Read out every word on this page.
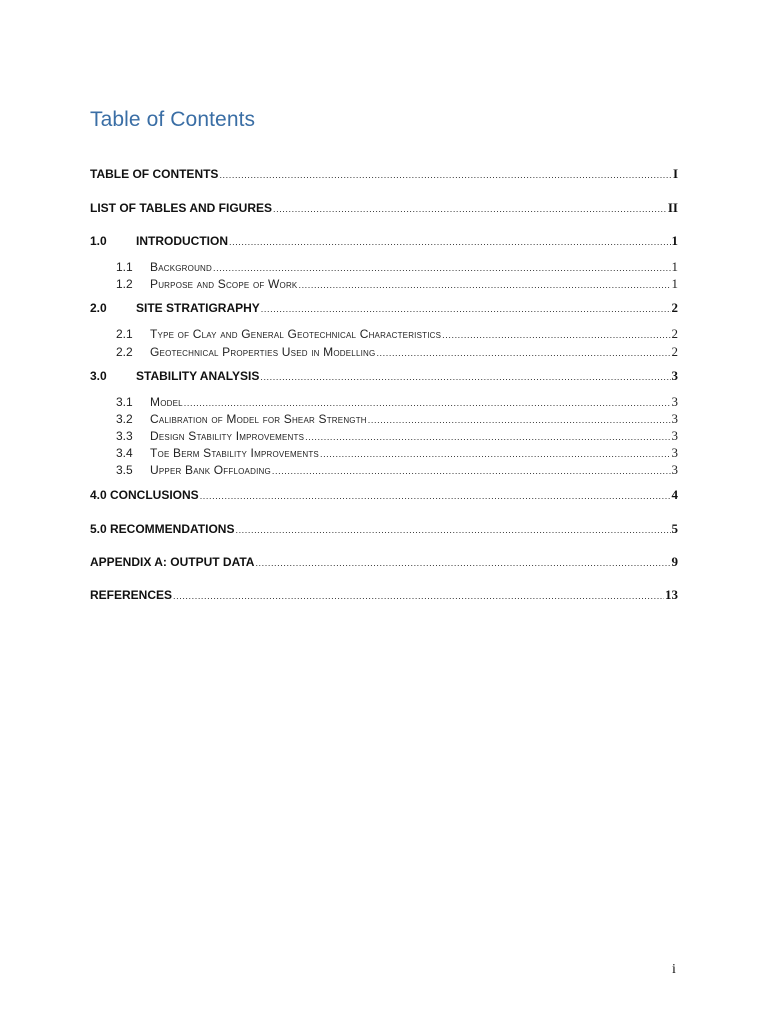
Table of Contents
TABLE OF CONTENTS .....	I
LIST OF TABLES AND FIGURES .....	II
1.0	INTRODUCTION .....	1
1.1	Background .....	1
1.2	Purpose and Scope of Work .....	1
2.0	SITE STRATIGRAPHY .....	2
2.1	Type of Clay and General Geotechnical Characteristics .....	2
2.2	Geotechnical Properties Used in Modelling .....	2
3.0	STABILITY ANALYSIS .....	3
3.1	Model .....	3
3.2	Calibration of Model for Shear Strength .....	3
3.3	Design Stability Improvements .....	3
3.4	Toe Berm Stability Improvements .....	3
3.5	Upper Bank Offloading .....	3
4.0 CONCLUSIONS .....	4
5.0 RECOMMENDATIONS .....	5
APPENDIX A: OUTPUT DATA .....	9
REFERENCES .....	13
i
